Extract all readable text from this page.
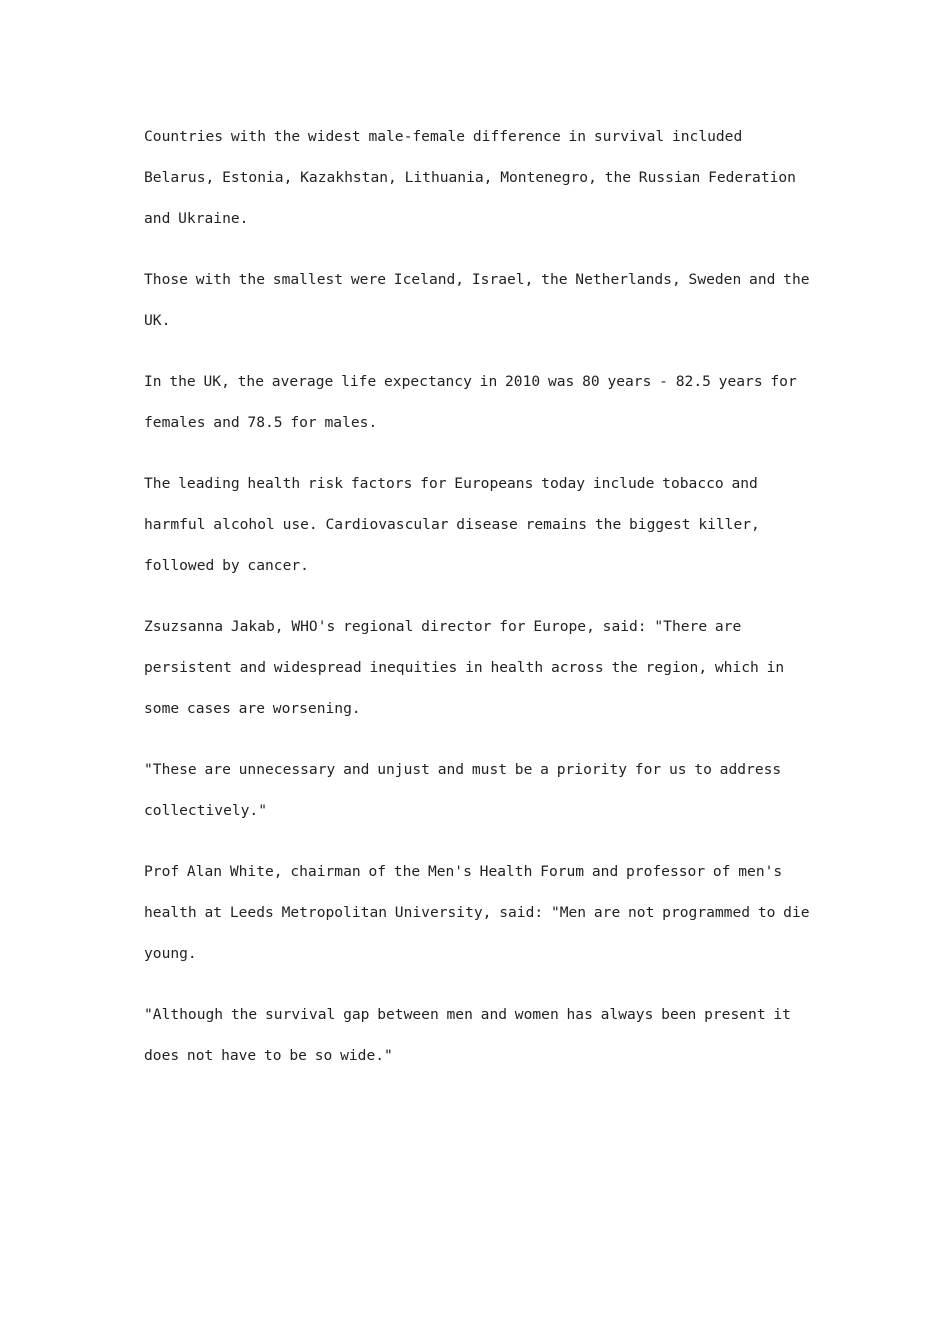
Countries with the widest male-female difference in survival included Belarus, Estonia, Kazakhstan, Lithuania, Montenegro, the Russian Federation and Ukraine.

Those with the smallest were Iceland, Israel, the Netherlands, Sweden and the UK.

In the UK, the average life expectancy in 2010 was 80 years - 82.5 years for females and 78.5 for males.

The leading health risk factors for Europeans today include tobacco and harmful alcohol use. Cardiovascular disease remains the biggest killer, followed by cancer.

Zsuzsanna Jakab, WHO's regional director for Europe, said: "There are persistent and widespread inequities in health across the region, which in some cases are worsening.

"These are unnecessary and unjust and must be a priority for us to address collectively."

Prof Alan White, chairman of the Men's Health Forum and professor of men's health at Leeds Metropolitan University, said: "Men are not programmed to die young.

"Although the survival gap between men and women has always been present it does not have to be so wide."
